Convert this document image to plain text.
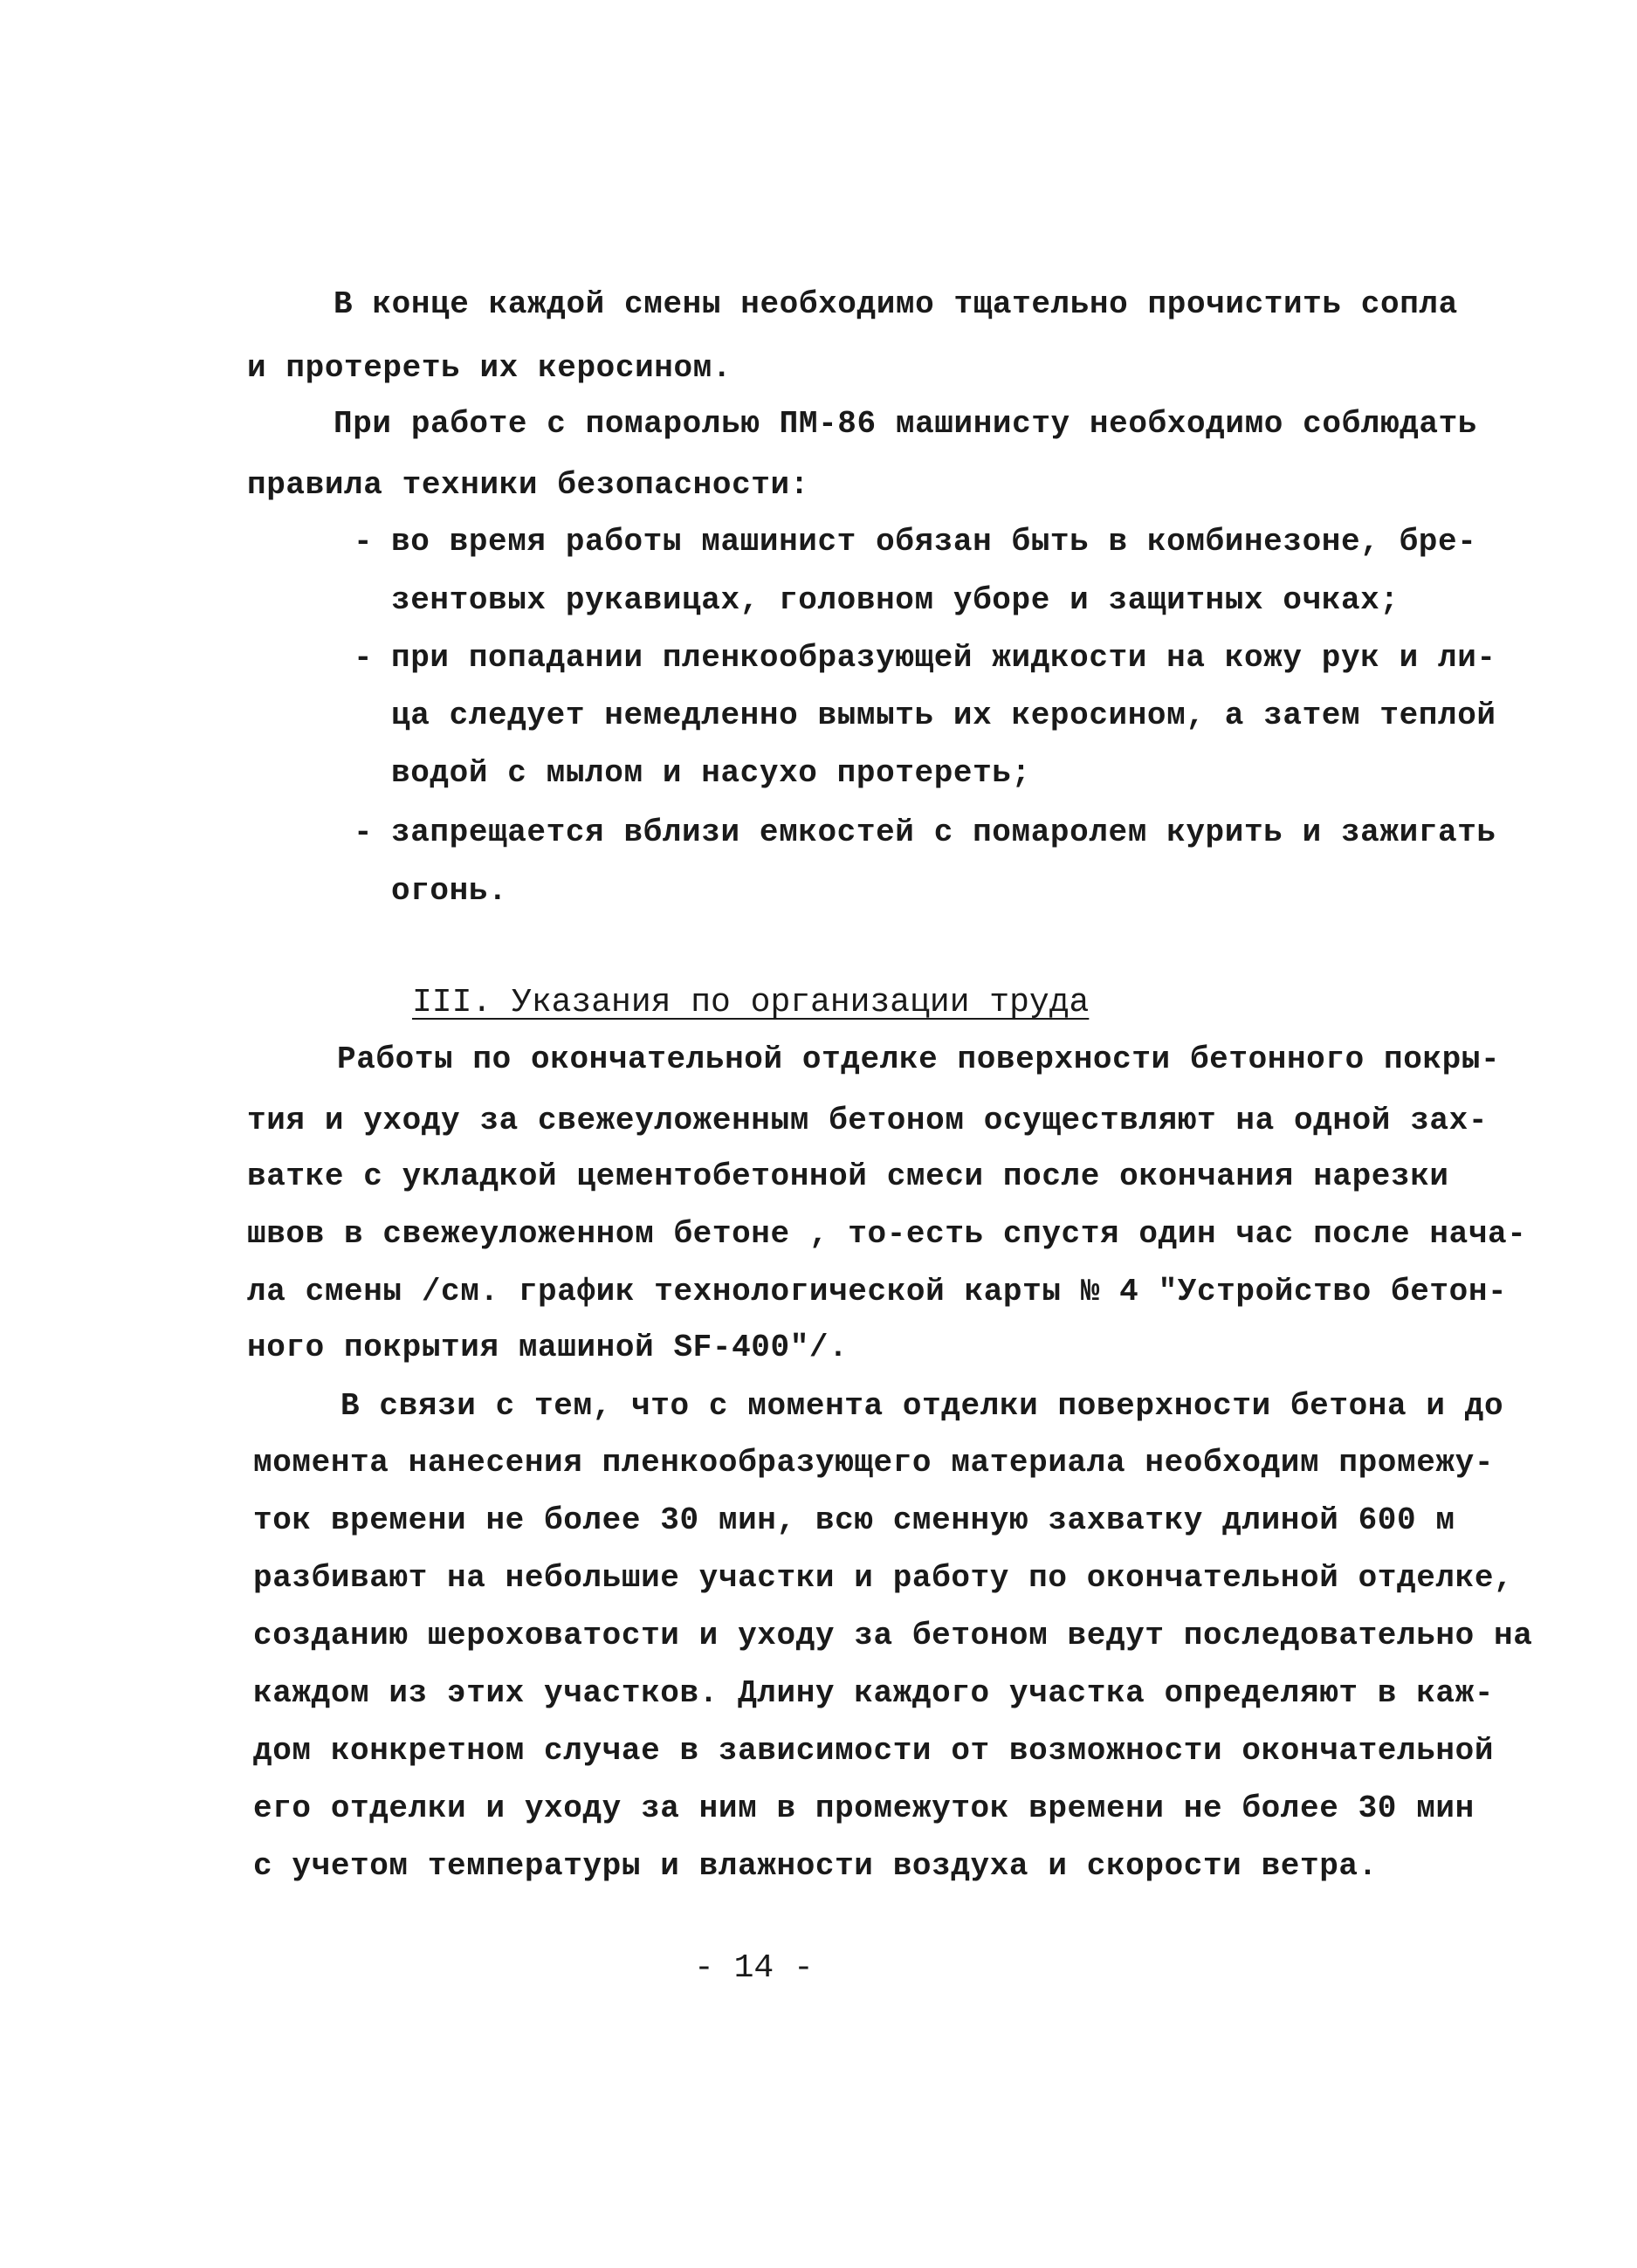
В конце каждой смены необходимо тщательно прочистить сопла
и протереть их керосином.
При работе с помаролью ПМ-86 машинисту необходимо соблюдать
правила техники безопасности:
- во время работы машинист обязан быть в комбинезоне, бре-
зентовых рукавицах, головном уборе и защитных очках;
- при попадании пленкообразующей жидкости на кожу рук и ли-
ца следует немедленно вымыть их керосином, а затем теплой
водой с мылом и насухо протереть;
- запрещается вблизи емкостей с помаролем курить и зажигать
огонь.
III. Указания по организации труда
Работы по окончательной отделке поверхности бетонного покры-
тия и уходу за свежеуложенным бетоном осуществляют на одной зах-
ватке с укладкой цементобетонной смеси после окончания нарезки
швов в свежеуложенном бетоне , то-есть спустя один час после нача-
ла смены /см. график технологической карты № 4 "Устройство бетон-
ного покрытия машиной SF-400"/.
В связи с тем, что с момента отделки поверхности бетона и до
момента нанесения пленкообразующего материала необходим промежу-
ток времени не более 30 мин, всю сменную захватку длиной 600 м
разбивают на небольшие участки и работу по окончательной отделке,
созданию шероховатости и уходу за бетоном ведут последовательно на
каждом из этих участков. Длину каждого участка определяют в каж-
дом конкретном случае в зависимости от возможности окончательной
его отделки и уходу за ним в промежуток времени не более 30 мин
с учетом температуры и влажности воздуха и скорости ветра.
- 14 -
